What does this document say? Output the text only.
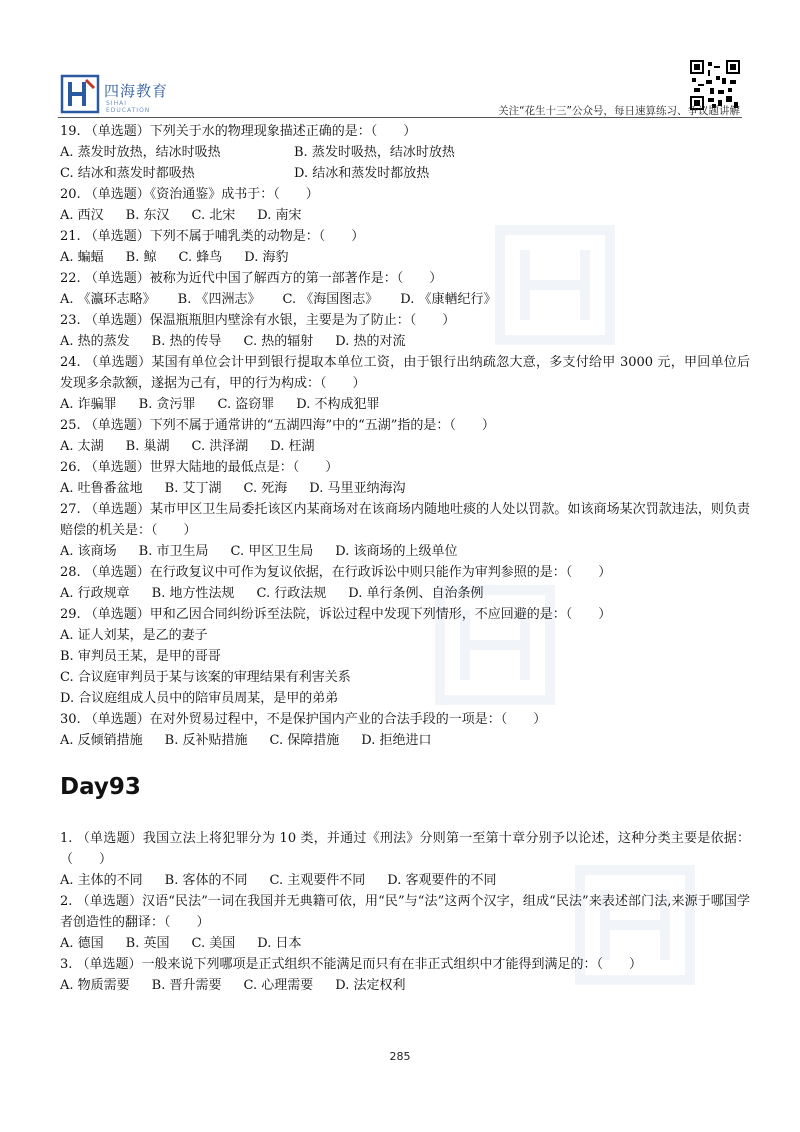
四海教育
SIHAI EDUCATION	关注“花生十三”公众号，每日速算练习、争议题讲解
19. （单选题）下列关于水的物理现象描述正确的是：（　　）
A. 蒸发时放热，结冰时吸热	B. 蒸发时吸热，结冰时放热
C. 结冰和蒸发时都吸热	D. 结冰和蒸发时都放热
20. （单选题）《资治通鉴》成书于：（　　）
A. 西汉 B. 东汉 C. 北宋 D. 南宋
21. （单选题）下列不属于哺乳类的动物是：（　　）
A. 蝙蝠 B. 鲸 C. 蜂鸟 D. 海豹
22. （单选题）被称为近代中国了解西方的第一部著作是：（　　）
A. 《瀛环志略》 B. 《四洲志》 C. 《海国图志》 D. 《康輶纪行》
23. （单选题）保温瓶瓶胆内壁涂有水银，主要是为了防止：（　　）
A. 热的蒸发 B. 热的传导 C. 热的辐射 D. 热的对流
24. （单选题）某国有单位会计甲到银行提取本单位工资，由于银行出纳疏忽大意，多支付给甲 3000 元，甲回单位后发现多余款额，遂据为己有，甲的行为构成：（　　）
A. 诈骗罪 B. 贪污罪 C. 盗窃罪 D. 不构成犯罪
25. （单选题）下列不属于通常讲的“五湖四海”中的“五湖”指的是：（　　）
A. 太湖 B. 巢湖 C. 洪泽湖 D. 枉湖
26. （单选题）世界大陆地的最低点是：（　　）
A. 吐鲁番盆地 B. 艾丁湖 C. 死海 D. 马里亚纳海沟
27. （单选题）某市甲区卫生局委托该区内某商场对在该商场内随地吐痰的人处以罚款。如该商场某次罚款违法，则负责赔偿的机关是：（　　）
A. 该商场 B. 市卫生局 C. 甲区卫生局 D. 该商场的上级单位
28. （单选题）在行政复议中可作为复议依据，在行政诉讼中则只能作为审判参照的是：（　　）
A. 行政规章 B. 地方性法规 C. 行政法规 D. 单行条例、自治条例
29. （单选题）甲和乙因合同纠纷诉至法院，诉讼过程中发现下列情形，不应回避的是：（　　）
A. 证人刘某，是乙的妻子
B. 审判员王某，是甲的哥哥
C. 合议庭审判员于某与该案的审理结果有利害关系
D. 合议庭组成人员中的陪审员周某，是甲的弟弟
30. （单选题）在对外贸易过程中，不是保护国内产业的合法手段的一项是：（　　）
A. 反倾销措施 B. 反补贴措施 C. 保障措施 D. 拒绝进口
Day93
1. （单选题）我国立法上将犯罪分为 10 类，并通过《刑法》分则第一至第十章分别予以论述，这种分类主要是依据：（　　）
A. 主体的不同 B. 客体的不同 C. 主观要件不同 D. 客观要件的不同
2. （单选题）汉语“民法”一词在我国并无典籍可依，用“民”与“法”这两个汉字，组成“民法”来表述部门法,来源于哪国学者创造性的翻译：（　　）
A. 德国 B. 英国 C. 美国 D. 日本
3. （单选题）一般来说下列哪项是正式组织不能满足而只有在非正式组织中才能得到满足的：（　　）
A. 物质需要 B. 晋升需要 C. 心理需要 D. 法定权利
285
